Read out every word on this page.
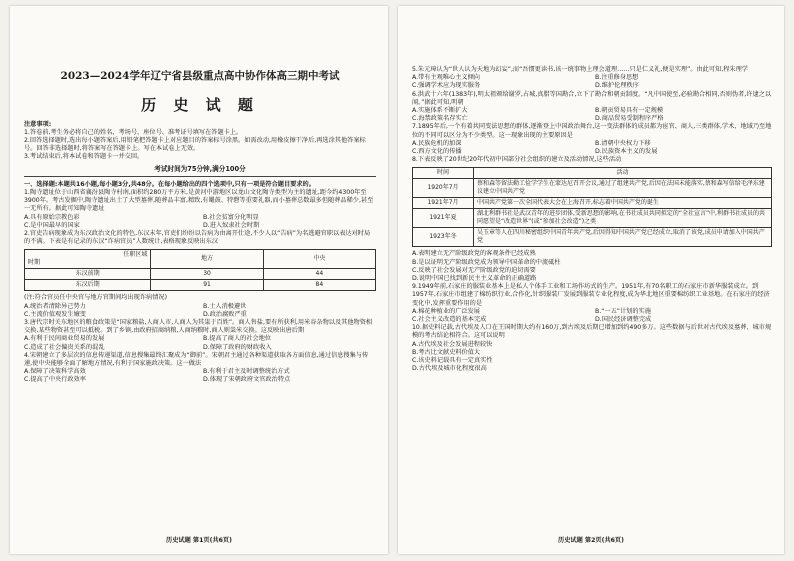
2023—2024学年辽宁省县级重点高中协作体高三期中考试

历 史 试 题

注意事项:

1.答卷前,考生务必将自己的姓名、考场号、座位号、准考证号填写在答题卡上。

2.回答选择题时,选出每小题答案后,用铅笔把答题卡上对应题目的答案标号涂黑。如需改动,用橡皮擦干净后,再选涂其他答案标号。回答非选择题时,将答案写在答题卡上。写在本试卷上无效。

3.考试结束后,将本试卷和答题卡一并交回。

考试时间为75分钟,满分100分

一、选择题:本题共16小题,每小题3分,共48分。在每小题给出的四个选项中,只有一项是符合题目要求的。

1.陶寺遗址位于山西省襄汾县陶寺村南,面积约280万平方米,是黄河中游地区以龙山文化陶寺类型为主的遗址,距今约4300年至3900年。考古发掘中,陶寺遗址出土了大型墓葬,随葬品丰富,精致,有鼍鼓、特磬等重要礼器,而小墓葬总数最多但随葬品稀少,甚至一无所有。据此可知陶寺遗址

A.具有原始宗教色彩	B.社会贫富分化明显

C.是中国最早的国家	D.进入奴隶社会时期

2.官吏告病现象成为东汉政治文化的特色,东汉末年,官吏们纷纷以告病为由离开仕途,不少人以“告病”为名逃避官职以表达对时局的不满。下表是有记录的东汉“诈病官员”人数统计,表格现象反映出东汉

任职区域
时期	地方	中央
东汉前期	30	44
东汉后期	91	84

(注:符合官员任中央官与地方官期间均出现诈病情况)

A.统治者清除异己势力	B.士人消极避世

C.主流价值观发生嬗变	D.政治腐败严重

3.唐代宗时关东地区的粮食政策是“国家粮盐,人商人市,人商人为其粜于百姓”。商人售盐,要有所获利,用米谷杂物以及其他物资相交换,某些物资甚至可以抵税。到了乡镇,由政府招商纳粮,人商纳粮时,商人则粜米交换。这反映出唐后期

A.有利于民间商业贸易的发展	B.提高了商人的社会地位

C.造成了社会偏贵关系的混乱	D.保障了政府的财政收入

4.宋朝建立了多层次的信息传递渠道,信息搜集最终汇聚成为“御前”。宋朝君主通过各种渠道获取各方面信息,通过信息搜集与传递,使中央能够全面了解地方情况,有利于国家施政决策。这一做法

A.保障了决策科学高效	B.有利于君主及时调整统治方式

C.提高了中央行政效率	D.体现了宋朝政府文官政治特点

历史试题 第1页(共6页)

5.朱元璋认为“世人认为天地为幻妄”,而“吾惯更读书,该一统事物上理会道理……只是仁义礼,便是实理”。由此可知,程朱理学

A.带有主观唯心主义倾向	B.注重修身思想

C.强调学术应为现实服务	D.维护伦理秩序

6.洪武十六年(1383年),明太祖颁给谢罗,占城,真腊等国勘合,立下了勘合和朝贡制度。“凡中国使至,必验勘合相同,否则伪者,许逮之以闻。”据此可知,明朝

A.实施体系不断扩大	B.朝贡贸易具有一定规模

C.海禁政策名存实亡	D.商品贸易受制程序严格

7.1895年后,一个有着共同变法思想的群体,逐渐登上中国政治舞台,这一变法群体的成员都为宦官、商人,三类群体,学术、地域乃至地位的不同可以区分为不少类型。这一现象出现的主要原因是

A.民族危机的加深	B.清朝中央权力下移

C.西方文化的传播	D.民族资本主义的发展

8.下表反映了20世纪20年代初中国部分社会组织的建立及活动情况,这些活动

时间	活动
1920年7月	蔡和森等留法勤工俭学学生在蒙达尼召开会议,通过了组建共产党,后因在法国未能落实,蔡和森写信给毛泽东建议建立中国共产党
1921年7月	中国共产党第一次全国代表大会在上海召开,标志着中国共产党的诞生
1921年夏	湖北利群书社是武汉青年的进步团体,受新思想的影响,在书社成员共同拟定的“全社宣言”中,利群书社成员的共同愿望是“改造世界”(或“参加社会改造”)之类
1923年冬	吴玉章等人在四川秘密组织中国青年共产党,后因得知中国共产党已经成立,取消了该党,成员申请加入中国共产党

A.表明建立无产阶级政党的客观条件已经成熟

B.是以证明无产阶级政党成为领导中国革命的中流砥柱

C.反映了社会发展对无产阶级政党的迫切需要

D.说明中国已找到新民主主义革命的正确道路

9.1949年前,石家庄的服装业基本上是私人个体手工业和工场作坊式的生产。1951年,有70名职工的石家庄市新华服装成立。到1957年,石家庄市组建了棉纺织行业,合作化,针织服装厂发展到服装专业化程度,成为华北地区重要棉纺织工业基地。在石家庄的经济变化中,发挥重要作用的是

A.棉花种植业的广泛发展	B.“一五”计划的实施

C.社会主义改造的基本完成	D.国民经济调整完成

10.据史料记载,古代埃及人口在王国时期大约有160万,到古埃及后期已增加到约490多万。这些数据与后世对古代埃及墓葬、城市规模的考古结论相符合。这可以说明

A.古代埃及社会发展进程较快

B.考古比文献史料价值大

C.该史料记载具有一定真实性

D.古代埃及城市化程度很高

历史试题 第2页(共6页)
